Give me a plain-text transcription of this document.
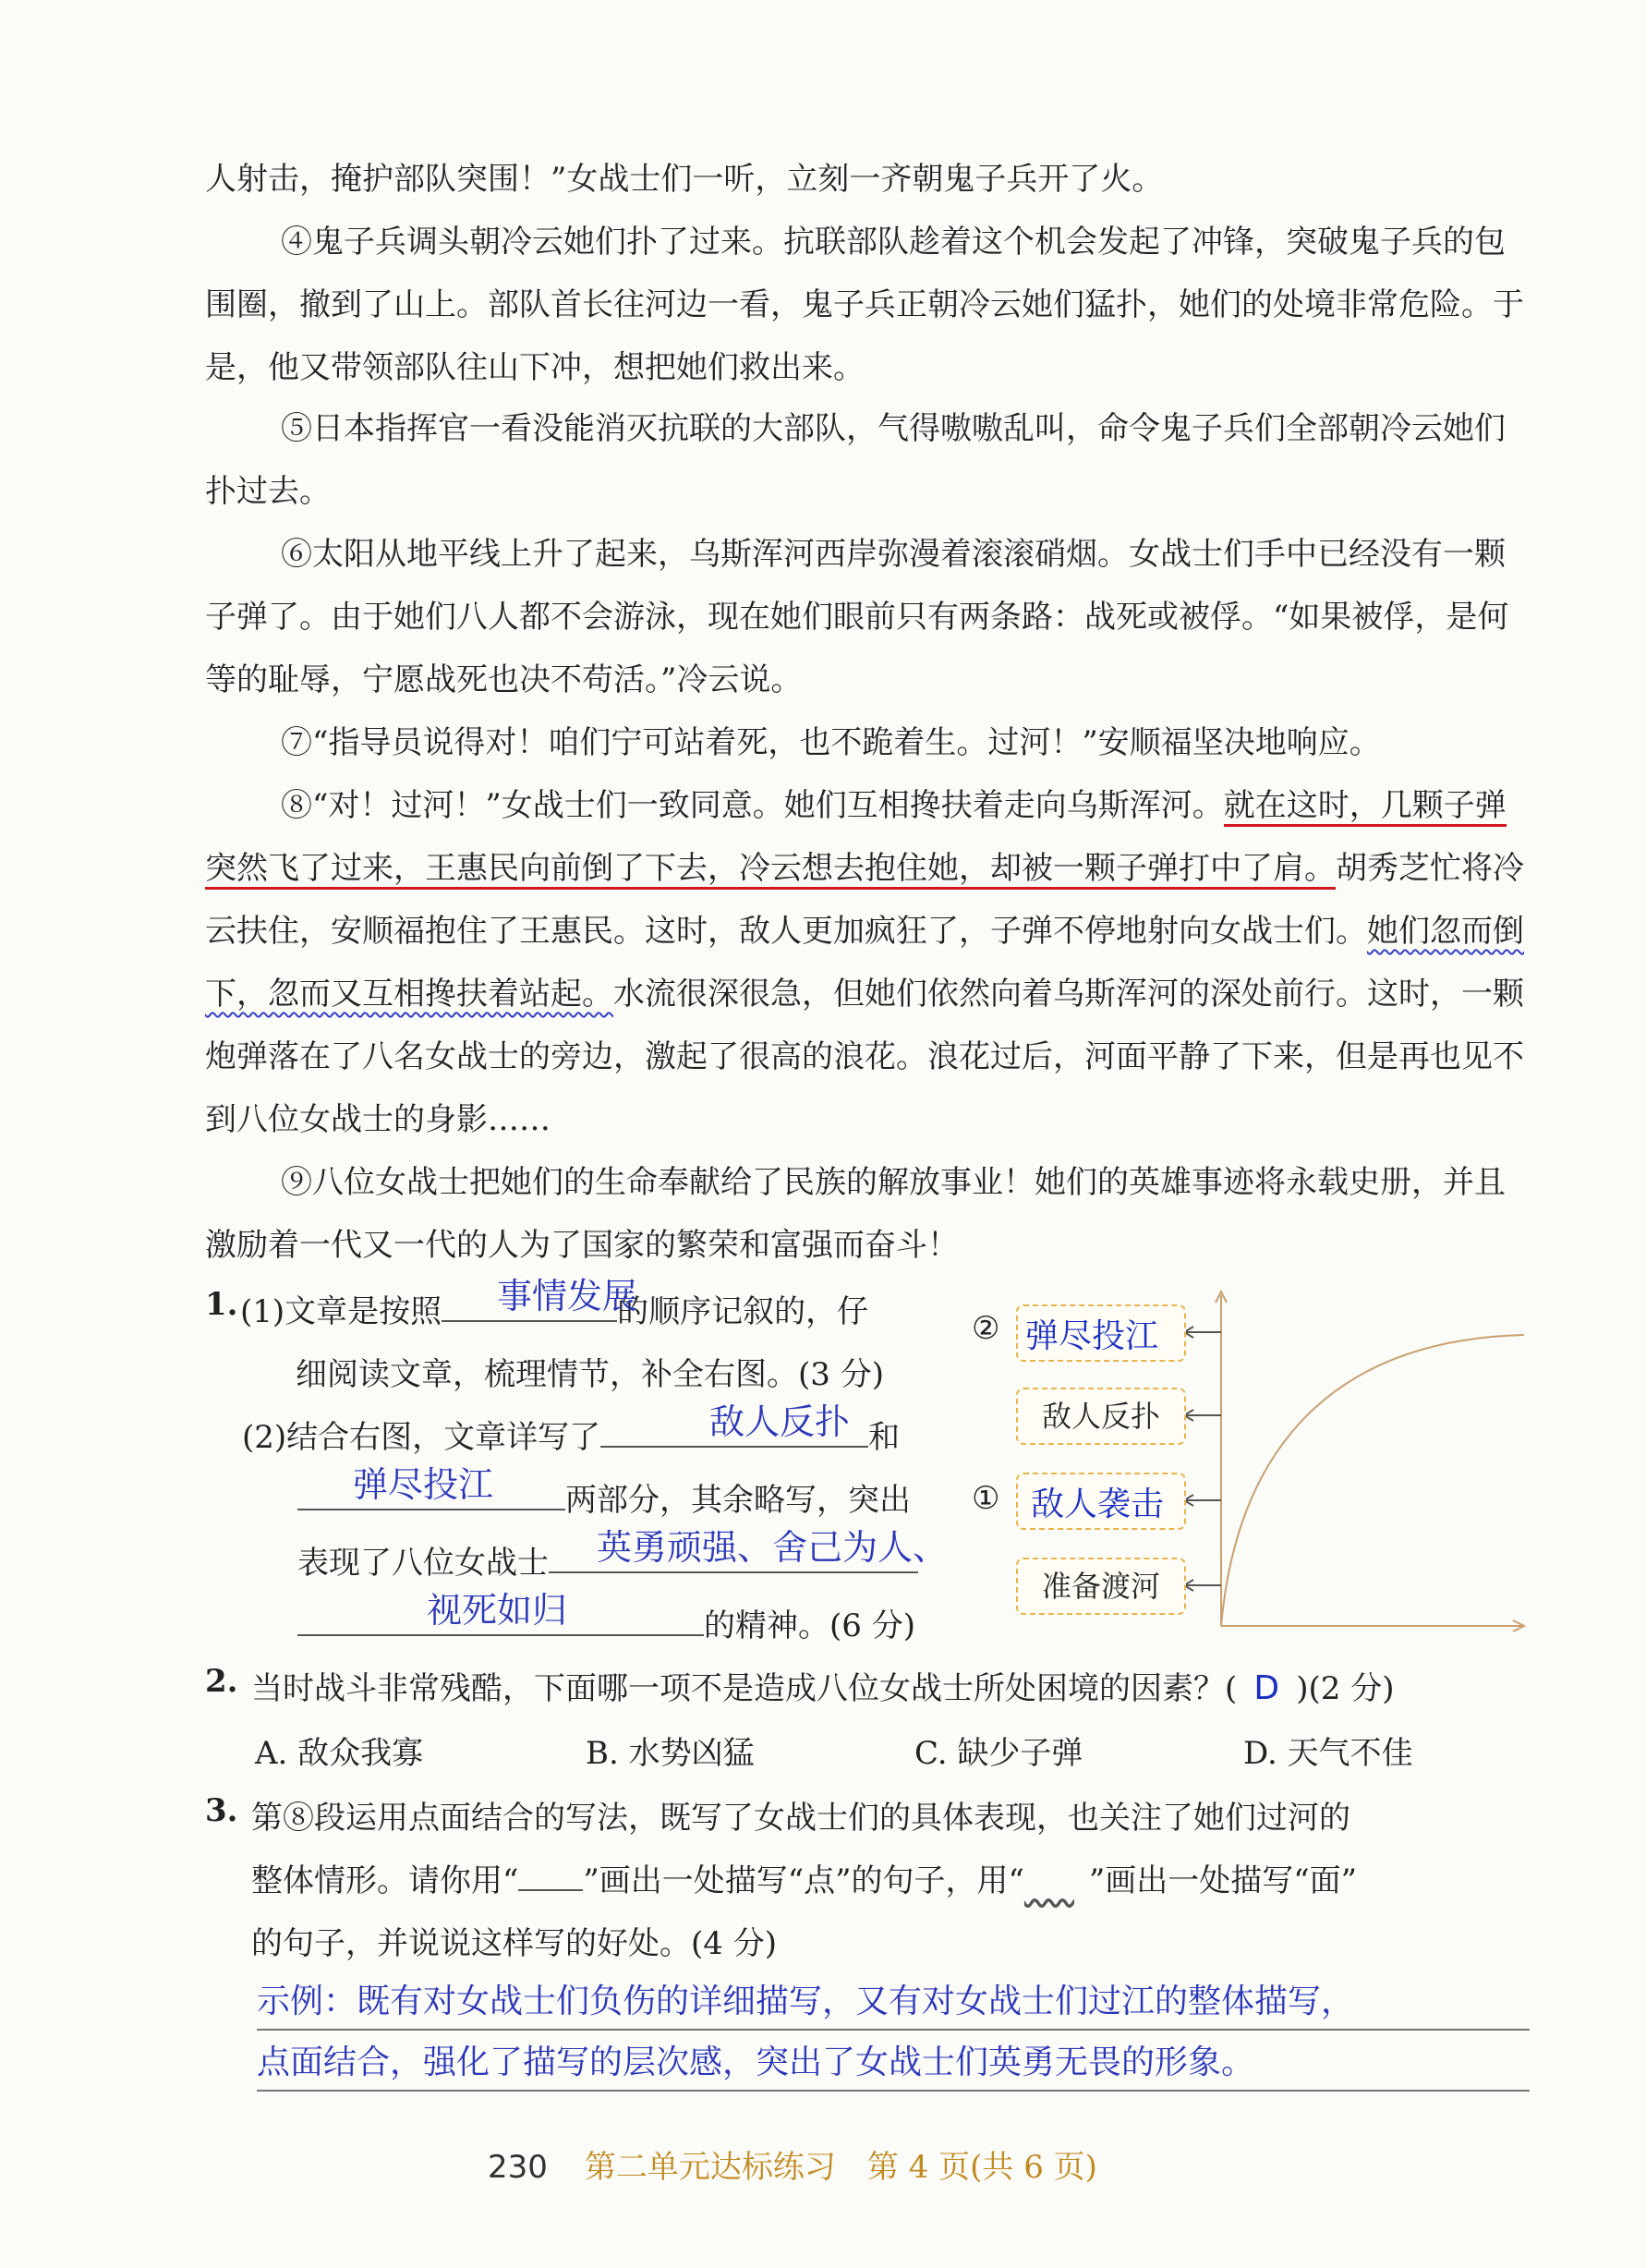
人射击，掩护部队突围！”女战士们一听，立刻一齐朝鬼子兵开了火。
④鬼子兵调头朝冷云她们扑了过来。抗联部队趁着这个机会发起了冲锋，突破鬼子兵的包围圈，撤到了山上。部队首长往河边一看，鬼子兵正朝冷云她们猛扑，她们的处境非常危险。于是，他又带领部队往山下冲，想把她们救出来。
⑤日本指挥官一看没能消灭抗联的大部队，气得嗷嗷乱叫，命令鬼子兵们全部朝冷云她们扑过去。
⑥太阳从地平线上升了起来，乌斯浑河西岸弥漫着滚滚硝烟。女战士们手中已经没有一颗子弹了。由于她们八人都不会游泳，现在她们眼前只有两条路：战死或被俘。“如果被俘，是何等的耻辱，宁愿战死也决不苟活。”冷云说。
⑦“指导员说得对！咱们宁可站着死，也不跪着生。过河！”安顺福坚决地响应。
⑧“对！过河！”女战士们一致同意。她们互相搀扶着走向乌斯浑河。就在这时，几颗子弹突然飞了过来，王惠民向前倒了下去，冷云想去抱住她，却被一颗子弹打中了肩。胡秀芝忙将冷云扶住，安顺福抱住了王惠民。这时，敌人更加疯狂了，子弹不停地射向女战士们。她们忽而倒下，忽而又互相搀扶着站起。水流很深很急，但她们依然向着乌斯浑河的深处前行。这时，一颗炮弹落在了八名女战士的旁边，激起了很高的浪花。浪花过后，河面平静了下来，但是再也见不到八位女战士的身影……
⑨八位女战士把她们的生命奉献给了民族的解放事业！她们的英雄事迹将永载史册，并且激励着一代又一代的人为了国家的繁荣和富强而奋斗！
1. (1)文章是按照	的顺序记叙的，仔
事情发展
细阅读文章，梳理情节，补全右图。(3 分)
(2)结合右图，文章详写了	和
敌人反扑
两部分，其余略写，突出
弹尽投江
表现了八位女战士	英勇顽强、舍己为人、
的精神。(6 分)
视死如归
② 弹尽投江
敌人反扑
① 敌人袭击
准备渡河
2. 当时战斗非常残酷，下面哪一项不是造成八位女战士所处困境的因素？( D )(2 分)
A. 敌众我寡	B. 水势凶猛	C. 缺少子弹	D. 天气不佳
3. 第⑧段运用点面结合的写法，既写了女战士们的具体表现，也关注了她们过河的
整体情形。请你用“ ”画出一处描写“点”的句子，用“ ”画出一处描写“面”
的句子，并说说这样写的好处。(4 分)
示例：既有对女战士们负伤的详细描写，又有对女战士们过江的整体描写，
点面结合，强化了描写的层次感，突出了女战士们英勇无畏的形象。
230 第二单元达标练习　第 4 页(共 6 页)
